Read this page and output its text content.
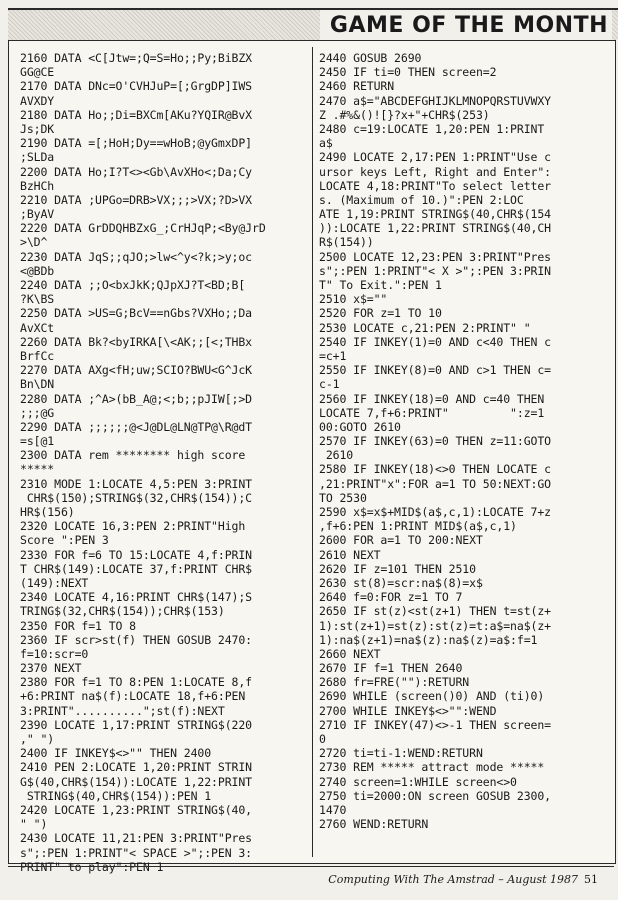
GAME OF THE MONTH
2160 DATA <C[Jtw=;Q=S=Ho;;Py;BiBZX
GG@CE
2170 DATA DNc=O'CVHJuP=[;GrgDP]IWS
AVXDY
2180 DATA Ho;;Di=BXCm[AKu?YQIR@BvX
Js;DK
2190 DATA =[;HoH;Dy==wHoB;@yGmxDP]
;SLDa
2200 DATA Ho;I?T<><Gb\AvXHo<;Da;Cy
BzHCh
2210 DATA ;UPGo=DRB>VX;;;>VX;?D>VX
;ByAV
2220 DATA GrDDQHBZxG_;CrHJqP;<By@JrD
>\D^
2230 DATA JqS;;qJO;>lw<^y<?k;>y;oc
<@BDb
2240 DATA ;;O<bxJkK;QJpXJ?T<BD;B[
?K\BS
2250 DATA >US=G;BcV==nGbs?VXHo;;Da
AvXCt
2260 DATA Bk?<byIRKA[\<AK;;[<;THBx
BrfCc
2270 DATA AXg<fH;uw;SCIO?BWU<G^JcK
Bn\DN
2280 DATA ;^A>(bB_A@;<;b;;pJIW[;>D
;;;@G
2290 DATA ;;;;;;@<J@DL@LN@TP@\R@dT
=s[@1
2300 DATA rem ******** high score
*****
2310 MODE 1:LOCATE 4,5:PEN 3:PRINT
CHR$(150);STRING$(32,CHR$(154));C
HR$(156)
2320 LOCATE 16,3:PEN 2:PRINT"High
Score ":PEN 3
2330 FOR f=6 TO 15:LOCATE 4,f:PRIN
T CHR$(149):LOCATE 37,f:PRINT CHR$
(149):NEXT
2340 LOCATE 4,16:PRINT CHR$(147);S
TRING$(32,CHR$(154));CHR$(153)
2350 FOR f=1 TO 8
2360 IF scr>st(f) THEN GOSUB 2470:
f=10:scr=0
2370 NEXT
2380 FOR f=1 TO 8:PEN 1:LOCATE 8,f
+6:PRINT na$(f):LOCATE 18,f+6:PEN
3:PRINT"..........";st(f):NEXT
2390 LOCATE 1,17:PRINT STRING$(220
," ")
2400 IF INKEY$<>"" THEN 2400
2410 PEN 2:LOCATE 1,20:PRINT STRIN
G$(40,CHR$(154)):LOCATE 1,22:PRINT
STRING$(40,CHR$(154)):PEN 1
2420 LOCATE 1,23:PRINT STRING$(40,
" ")
2430 LOCATE 11,21:PEN 3:PRINT"Pres
s";:PEN 1:PRINT"< SPACE >";:PEN 3:
PRINT" to play":PEN 1
2440 GOSUB 2690
2450 IF ti=0 THEN screen=2
2460 RETURN
2470 a$="ABCDEFGHIJKLMNOPQRSTUVWXY
Z .#%&()![}?x+"+CHR$(253)
2480 c=19:LOCATE 1,20:PEN 1:PRINT
a$
2490 LOCATE 2,17:PEN 1:PRINT"Use c
ursor keys Left, Right and Enter":
LOCATE 4,18:PRINT"To select letter
s. (Maximum of 10.)":PEN 2:LOC
ATE 1,19:PRINT STRING$(40,CHR$(154
)):LOCATE 1,22:PRINT STRING$(40,CH
R$(154))
2500 LOCATE 12,23:PEN 3:PRINT"Pres
s";:PEN 1:PRINT"< X >";:PEN 3:PRIN
T" To Exit.":PEN 1
2510 x$=""
2520 FOR z=1 TO 10
2530 LOCATE c,21:PEN 2:PRINT" "
2540 IF INKEY(1)=0 AND c<40 THEN c
=c+1
2550 IF INKEY(8)=0 AND c>1 THEN c=
c-1
2560 IF INKEY(18)=0 AND c=40 THEN
LOCATE 7,f+6:PRINT"         ":z=1
00:GOTO 2610
2570 IF INKEY(63)=0 THEN z=11:GOTO
2610
2580 IF INKEY(18)<>0 THEN LOCATE c
,21:PRINT"x":FOR a=1 TO 50:NEXT:GO
TO 2530
2590 x$=x$+MID$(a$,c,1):LOCATE 7+z
,f+6:PEN 1:PRINT MID$(a$,c,1)
2600 FOR a=1 TO 200:NEXT
2610 NEXT
2620 IF z=101 THEN 2510
2630 st(8)=scr:na$(8)=x$
2640 f=0:FOR z=1 TO 7
2650 IF st(z)<st(z+1) THEN t=st(z+
1):st(z+1)=st(z):st(z)=t:a$=na$(z+
1):na$(z+1)=na$(z):na$(z)=a$:f=1
2660 NEXT
2670 IF f=1 THEN 2640
2680 fr=FRE(""):RETURN
2690 WHILE (screen()0) AND (ti)0)
2700 WHILE INKEY$<>"":WEND
2710 IF INKEY(47)<>-1 THEN screen=
0
2720 ti=ti-1:WEND:RETURN
2730 REM ***** attract mode *****
2740 screen=1:WHILE screen<>0
2750 ti=2000:ON screen GOSUB 2300,
1470
2760 WEND:RETURN
Computing With The Amstrad – August 1987 51
